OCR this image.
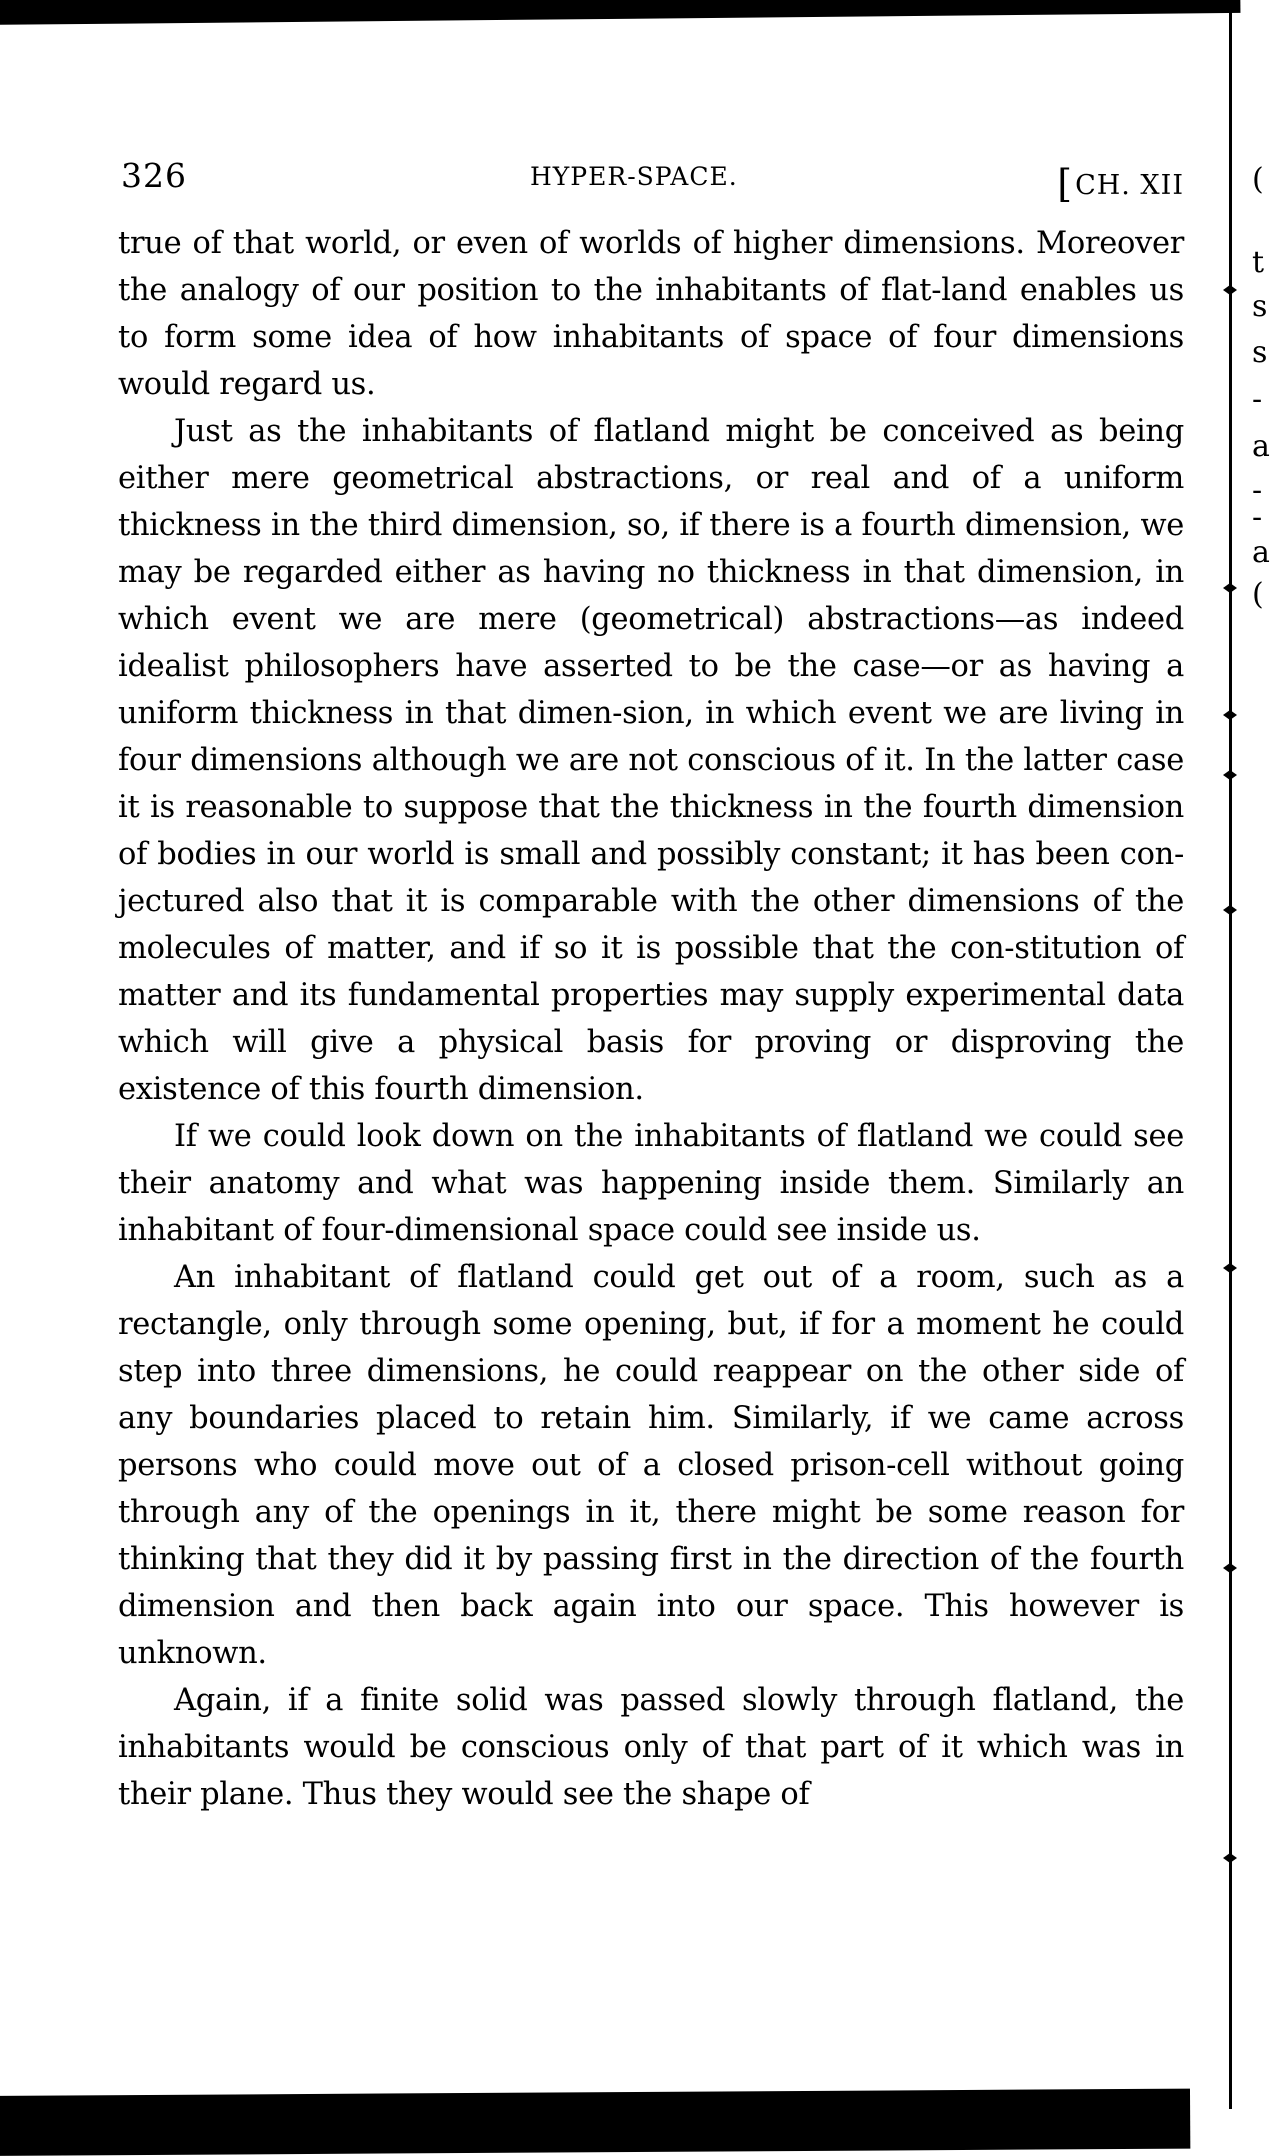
(
t
s
s
-
a
-
-
a
(
326	HYPER-SPACE.	[CH. XII

true of that world, or even of worlds of higher dimensions. Moreover the analogy of our position to the inhabitants of flat-land enables us to form some idea of how inhabitants of space of four dimensions would regard us.

Just as the inhabitants of flatland might be conceived as being either mere geometrical abstractions, or real and of a uniform thickness in the third dimension, so, if there is a fourth dimension, we may be regarded either as having no thickness in that dimension, in which event we are mere (geometrical) abstractions—as indeed idealist philosophers have asserted to be the case—or as having a uniform thickness in that dimen-sion, in which event we are living in four dimensions although we are not conscious of it. In the latter case it is reasonable to suppose that the thickness in the fourth dimension of bodies in our world is small and possibly constant; it has been con-jectured also that it is comparable with the other dimensions of the molecules of matter, and if so it is possible that the con-stitution of matter and its fundamental properties may supply experimental data which will give a physical basis for proving or disproving the existence of this fourth dimension.

If we could look down on the inhabitants of flatland we could see their anatomy and what was happening inside them. Similarly an inhabitant of four-dimensional space could see inside us.

An inhabitant of flatland could get out of a room, such as a rectangle, only through some opening, but, if for a moment he could step into three dimensions, he could reappear on the other side of any boundaries placed to retain him. Similarly, if we came across persons who could move out of a closed prison-cell without going through any of the openings in it, there might be some reason for thinking that they did it by passing first in the direction of the fourth dimension and then back again into our space. This however is unknown.

Again, if a finite solid was passed slowly through flatland, the inhabitants would be conscious only of that part of it which was in their plane. Thus they would see the shape of
